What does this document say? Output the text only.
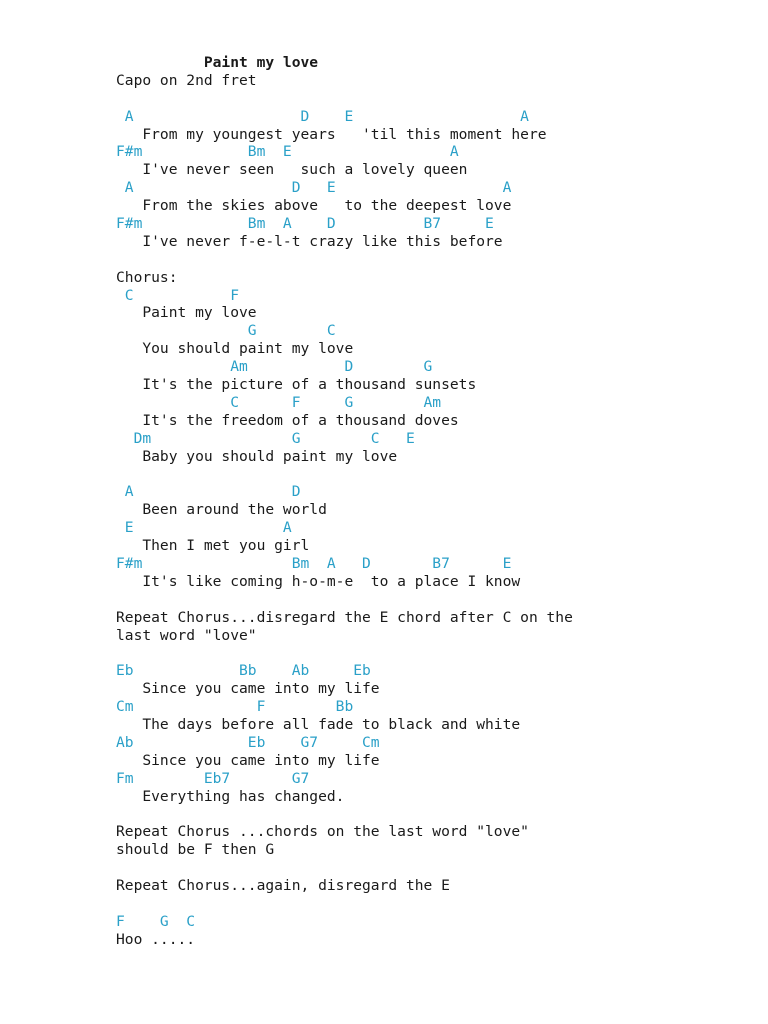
Paint my love
Capo on 2nd fret
A                   D    E                   A
From my youngest years   'til this moment here
F#m            Bm  E                  A
I've never seen   such a lovely queen
A                  D   E                   A
From the skies above   to the deepest love
F#m            Bm  A    D          B7     E
I've never f-e-l-t crazy like this before
Chorus:
C           F
Paint my love
G        C
You should paint my love
Am           D        G
It's the picture of a thousand sunsets
C      F     G        Am
It's the freedom of a thousand doves
Dm                G        C   E
Baby you should paint my love
A                  D
Been around the world
E                 A
Then I met you girl
F#m                 Bm  A   D       B7      E
It's like coming h-o-m-e  to a place I know
Repeat Chorus...disregard the E chord after C on the
last word "love"
Eb            Bb    Ab     Eb
Since you came into my life
Cm              F        Bb
The days before all fade to black and white
Ab             Eb    G7     Cm
Since you came into my life
Fm        Eb7       G7
Everything has changed.
Repeat Chorus ...chords on the last word "love"
should be F then G
Repeat Chorus...again, disregard the E
F    G  C
Hoo .....
